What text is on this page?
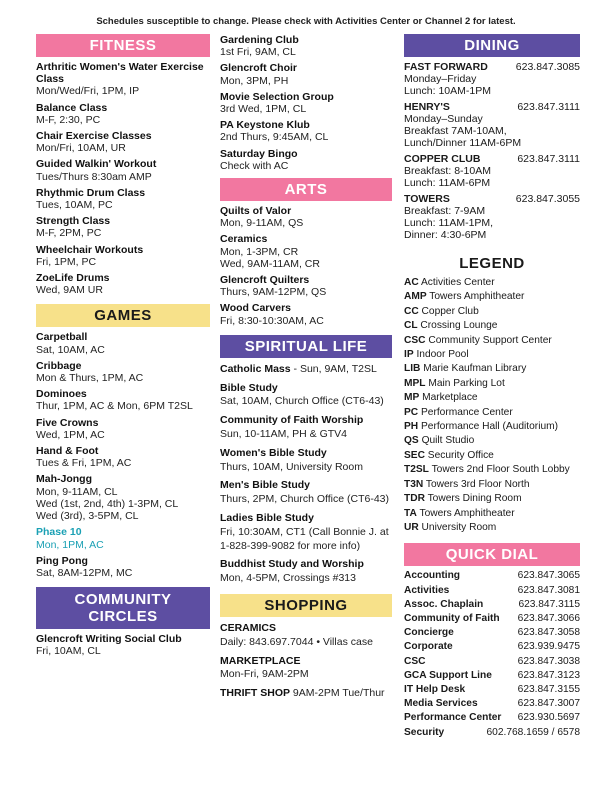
Schedules susceptible to change. Please check with Activities Center or Channel 2 for latest.
FITNESS
Arthritic Women's Water Exercise Class
Mon/Wed/Fri, 1PM, IP
Balance Class
M-F, 2:30, PC
Chair Exercise Classes
Mon/Fri, 10AM, UR
Guided Walkin' Workout
Tues/Thurs 8:30am AMP
Rhythmic Drum Class
Tues, 10AM, PC
Strength Class
M-F, 2PM, PC
Wheelchair Workouts
Fri, 1PM, PC
ZoeLife Drums
Wed, 9AM UR
GAMES
Carpetball
Sat, 10AM, AC
Cribbage
Mon & Thurs, 1PM, AC
Dominoes
Thur, 1PM, AC & Mon, 6PM T2SL
Five Crowns
Wed, 1PM, AC
Hand & Foot
Tues & Fri, 1PM, AC
Mah-Jongg
Mon, 9-11AM, CL
Wed (1st, 2nd, 4th) 1-3PM, CL
Wed (3rd), 3-5PM, CL
Phase 10
Mon, 1PM, AC
Ping Pong
Sat, 8AM-12PM, MC
COMMUNITY
CIRCLES
Glencroft Writing Social Club
Fri, 10AM, CL
Gardening Club
1st Fri, 9AM, CL
Glencroft Choir
Mon, 3PM, PH
Movie Selection Group
3rd Wed, 1PM, CL
PA Keystone Klub
2nd Thurs, 9:45AM, CL
Saturday Bingo
Check with AC
ARTS
Quilts of Valor
Mon, 9-11AM, QS
Ceramics
Mon, 1-3PM, CR
Wed, 9AM-11AM, CR
Glencroft Quilters
Thurs, 9AM-12PM, QS
Wood Carvers
Fri, 8:30-10:30AM, AC
SPIRITUAL LIFE
Catholic Mass - Sun, 9AM, T2SL
Bible Study
Sat, 10AM, Church Office (CT6-43)
Community of Faith Worship
Sun, 10-11AM, PH & GTV4
Women's Bible Study
Thurs, 10AM, University Room
Men's Bible Study
Thurs, 2PM, Church Office (CT6-43)
Ladies Bible Study
Fri, 10:30AM, CT1 (Call Bonnie J. at
1-828-399-9082 for more info)
Buddhist Study and Worship
Mon, 4-5PM, Crossings #313
SHOPPING
CERAMICS
Daily: 843.697.7044 • Villas case
MARKETPLACE
Mon-Fri, 9AM-2PM
THRIFT SHOP 9AM-2PM Tue/Thur
DINING
FAST FORWARD	623.847.3085
Monday–Friday
Lunch: 10AM-1PM
HENRY'S	623.847.3111
Monday–Sunday
Breakfast 7AM-10AM,
Lunch/Dinner 11AM-6PM
COPPER CLUB	623.847.3111
Breakfast: 8-10AM
Lunch: 11AM-6PM
TOWERS	623.847.3055
Breakfast: 7-9AM
Lunch: 11AM-1PM,
Dinner: 4:30-6PM
LEGEND
AC Activities Center
AMP Towers Amphitheater
CC Copper Club
CL Crossing Lounge
CSC Community Support Center
IP Indoor Pool
LIB Marie Kaufman Library
MPL Main Parking Lot
MP Marketplace
PC Performance Center
PH Performance Hall (Auditorium)
QS Quilt Studio
SEC Security Office
T2SL Towers 2nd Floor South Lobby
T3N Towers 3rd Floor North
TDR Towers Dining Room
TA Towers Amphitheater
UR University Room
QUICK DIAL
Accounting	623.847.3065
Activities	623.847.3081
Assoc. Chaplain	623.847.3115
Community of Faith 623.847.3066
Concierge	623.847.3058
Corporate	623.939.9475
CSC	623.847.3038
GCA Support Line	623.847.3123
IT Help Desk	623.847.3155
Media Services	623.847.3007
Performance Center 623.930.5697
Security	602.768.1659 / 6578
